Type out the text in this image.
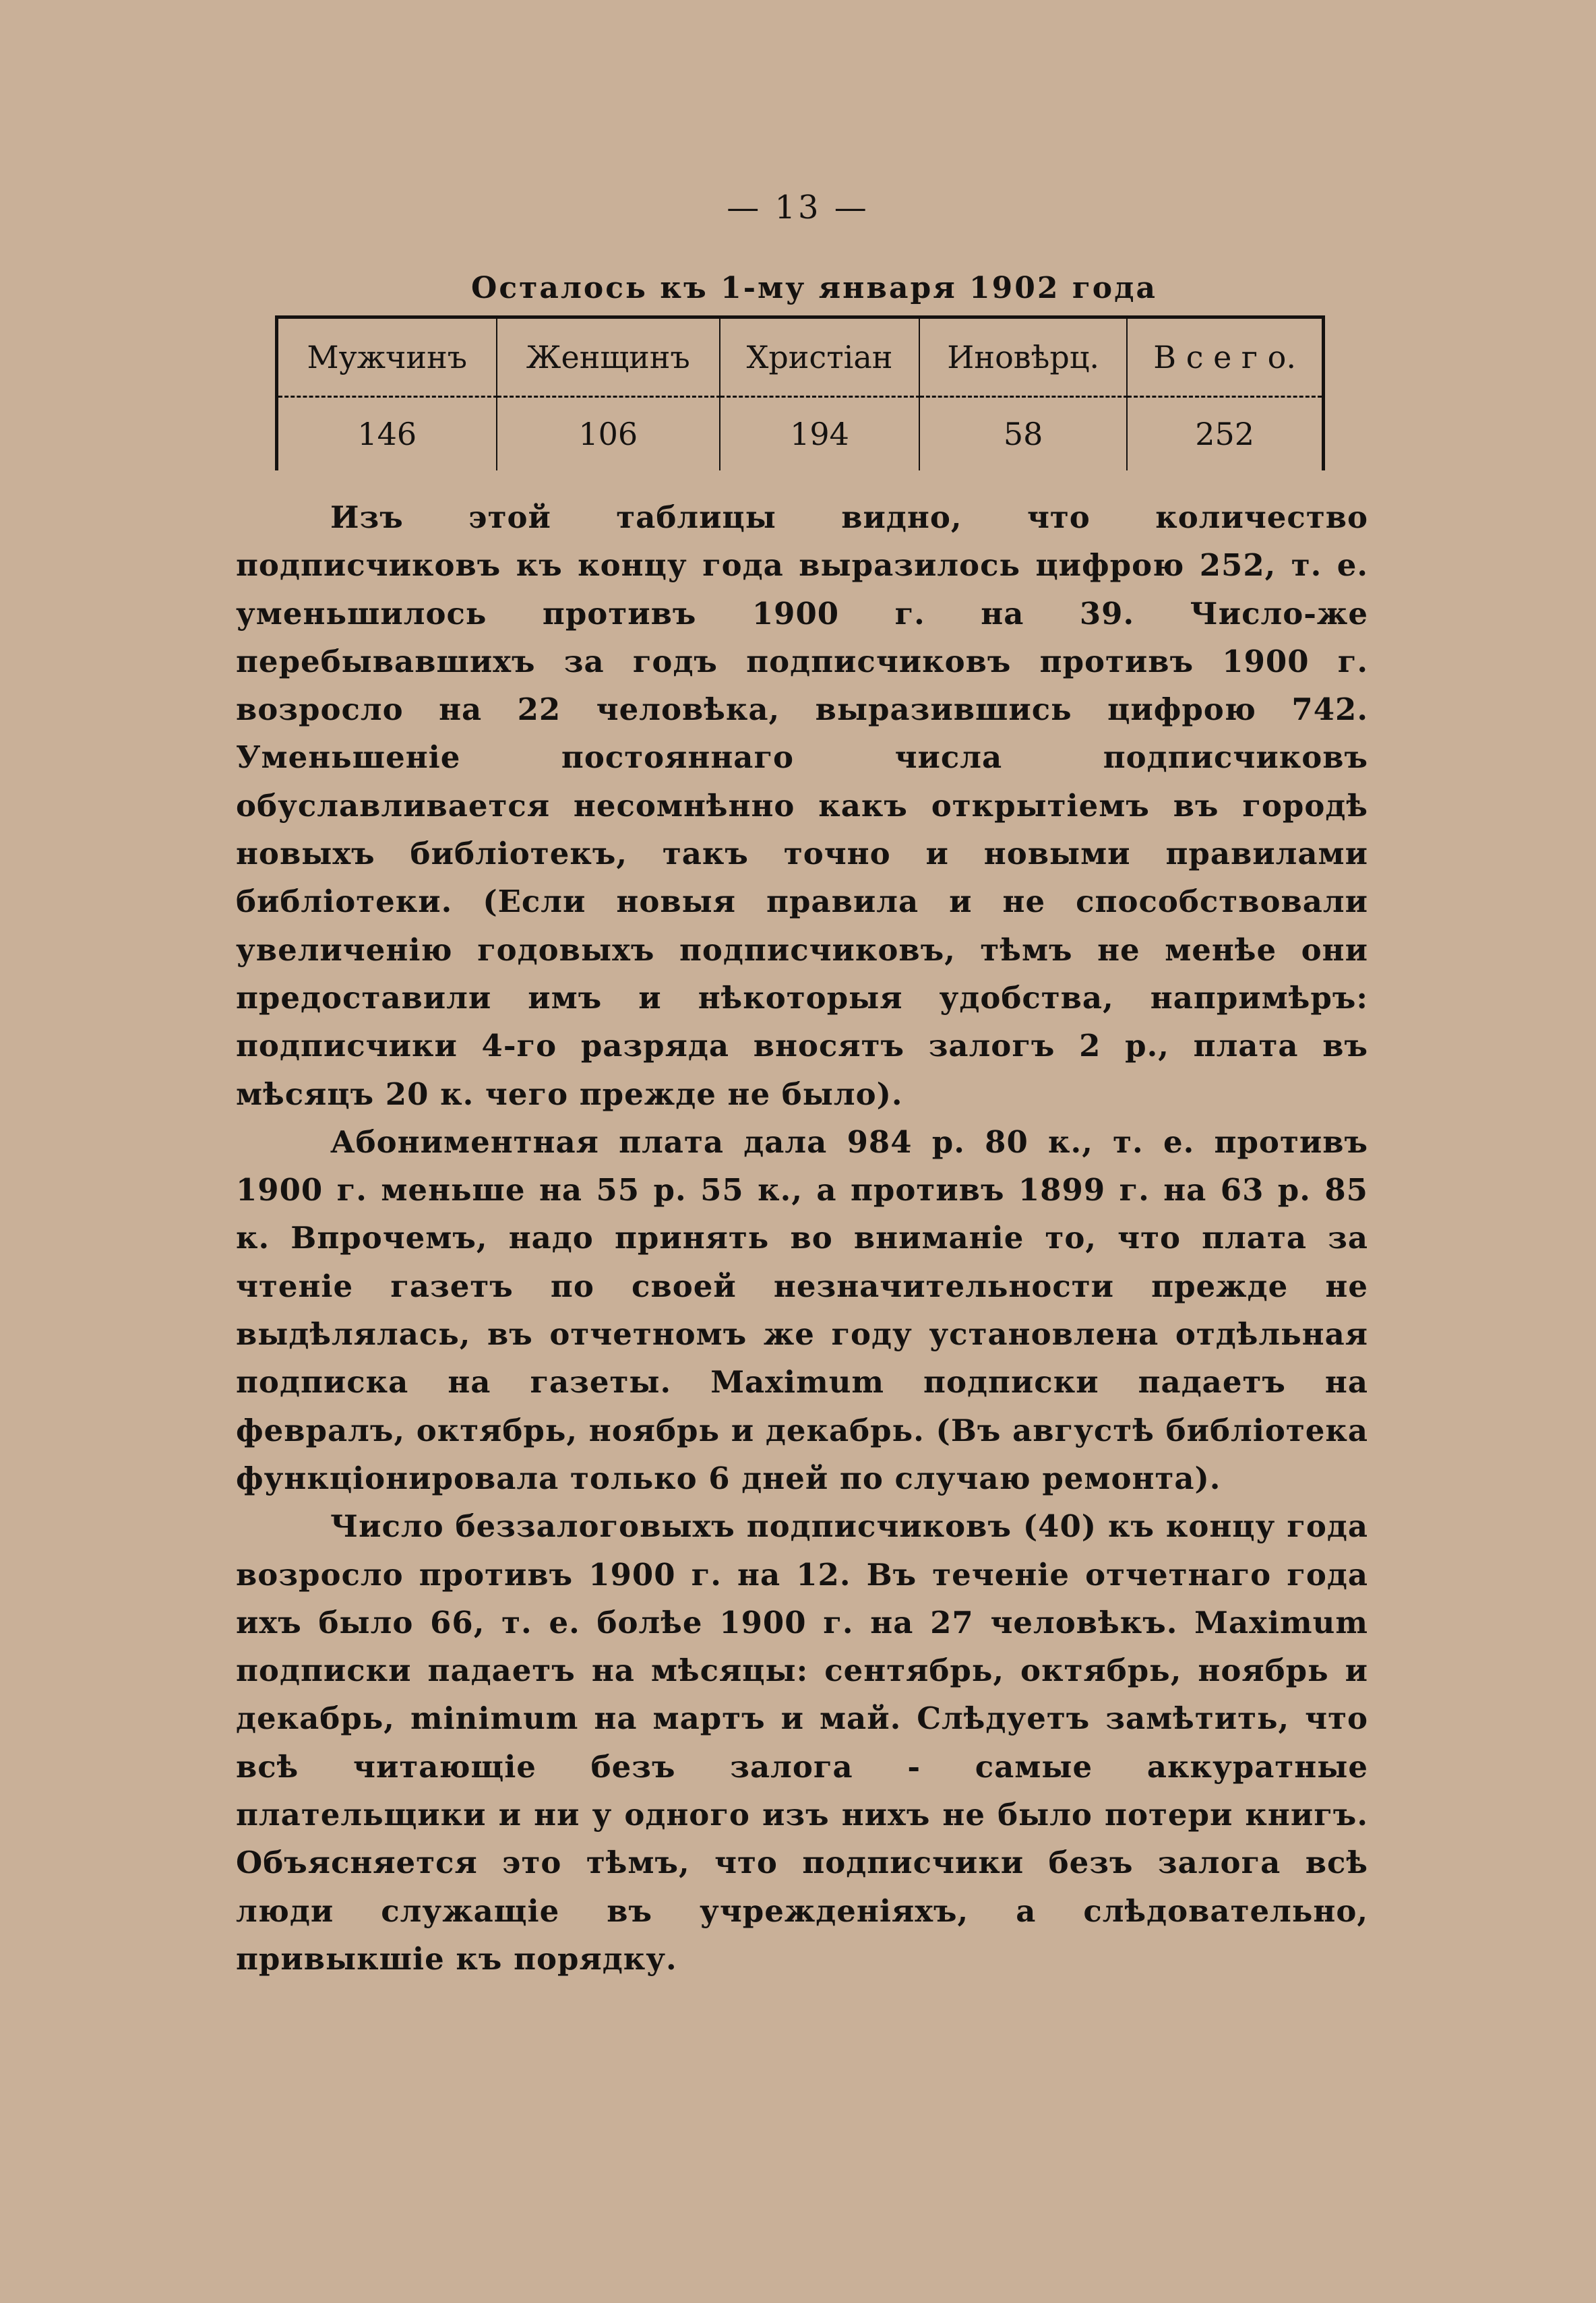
— 13 —
Осталось къ 1-му января 1902 года
Мужчинъ	Женщинъ	Христіан	Иновѣрц.	В с е г о.
146	106	194	58	252

Изъ этой таблицы видно, что количество подписчиковъ къ концу года выразилось цифрою 252, т. е. уменьшилось противъ 1900 г. на 39. Число-же перебывавшихъ за годъ подписчиковъ противъ 1900 г. возросло на 22 человѣка, выразившись цифрою 742. Уменьшеніе постояннаго числа подписчиковъ обуславливается несомнѣнно какъ открытіемъ въ городѣ новыхъ библіотекъ, такъ точно и новыми правилами библіотеки. (Если новыя правила и не способствовали увеличенію годовыхъ подписчиковъ, тѣмъ не менѣе они предоставили имъ и нѣкоторыя удобства, напримѣръ: подписчики 4-го разряда вносятъ залогъ 2 р., плата въ мѣсяцъ 20 к. чего прежде не было).

Абониментная плата дала 984 р. 80 к., т. е. противъ 1900 г. меньше на 55 р. 55 к., а противъ 1899 г. на 63 р. 85 к. Впрочемъ, надо принять во вниманіе то, что плата за чтеніе газетъ по своей незначительности прежде не выдѣлялась, въ отчетномъ же году установлена отдѣльная подписка на газеты. Maximum подписки падаетъ на февралъ, октябрь, ноябрь и декабрь. (Въ августѣ библіотека функціонировала только 6 дней по случаю ремонта).

Число беззалоговыхъ подписчиковъ (40) къ концу года возросло противъ 1900 г. на 12. Въ теченіе отчетнаго года ихъ было 66, т. е. болѣе 1900 г. на 27 человѣкъ. Maximum подписки падаетъ на мѣсяцы: сентябрь, октябрь, ноябрь и декабрь, minimum на мартъ и май. Слѣдуетъ замѣтить, что всѣ читающіе безъ залога - самые аккуратные плательщики и ни у одного изъ нихъ не было потери книгъ. Объясняется это тѣмъ, что подписчики безъ залога всѣ люди служащіе въ учрежденіяхъ, а слѣдовательно, привыкшіе къ порядку.
